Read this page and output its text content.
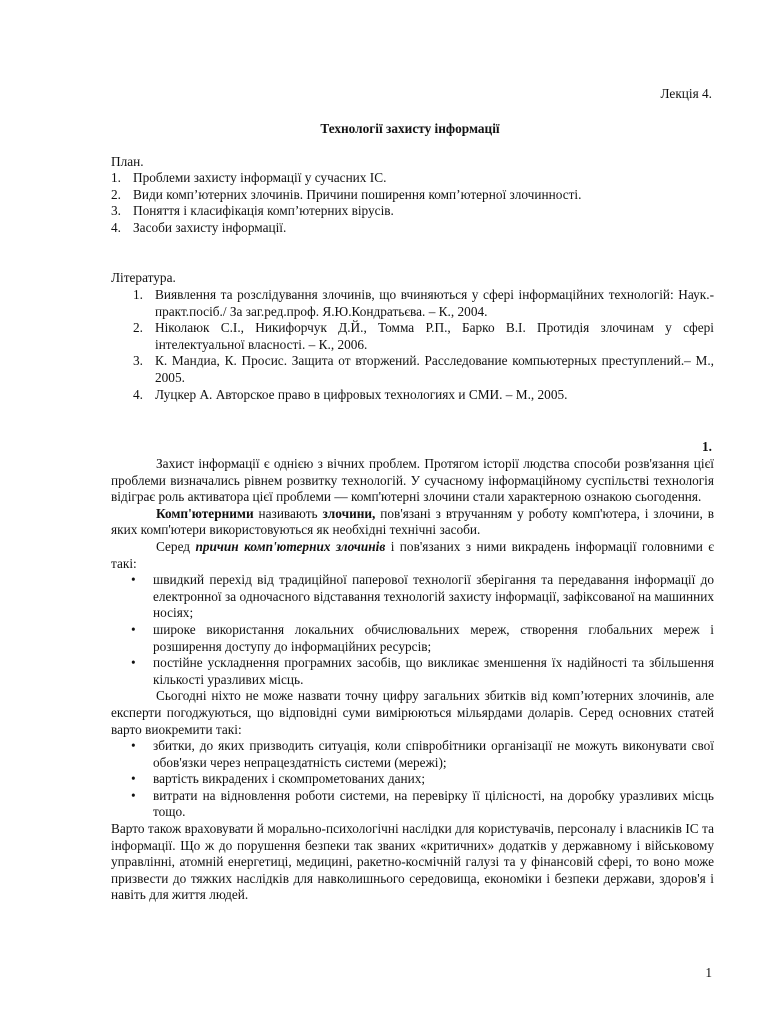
Лекція 4.
Технології захисту інформації
План.
1. Проблеми захисту інформації у сучасних ІС.
2. Види комп’ютерних злочинів. Причини поширення комп’ютерної злочинності.
3. Поняття і класифікація комп’ютерних вірусів.
4. Засоби захисту інформації.
Література.
1. Виявлення та розслідування злочинів, що вчиняються у сфері інформаційних технологій: Наук.-практ.посіб./ За заг.ред.проф. Я.Ю.Кондратьєва. – К., 2004.
2. Ніколаюк С.І., Никифорчук Д.Й., Томма Р.П., Барко В.І. Протидія злочинам у сфері інтелектуальної власності. – К., 2006.
3. К. Мандиа, К. Просис. Защита от вторжений. Расследование компьютерных преступлений.– М., 2005.
4. Луцкер А. Авторское право в цифровых технологиях и СМИ. – М., 2005.
1.

Захист інформації є однією з вічних проблем. Протягом історії людства способи розв'язання цієї проблеми визначались рівнем розвитку технологій. У сучасному інформаційному суспільстві технологія відіграє роль активатора цієї проблеми — комп'ютерні злочини стали характерною ознакою сьогодення.

Комп'ютерними називають злочини, пов'язані з втручанням у роботу комп'ютера, і злочини, в яких комп'ютери використовуються як необхідні технічні засоби.

Серед причин комп'ютерних злочинів і пов'язаних з ними викрадень інформації головними є такі:

•	швидкий перехід від традиційної паперової технології зберігання та передавання інформації до електронної за одночасного відставання технологій захисту інформації, зафіксованої на машинних носіях;
•	широке використання локальних обчислювальних мереж, створення глобальних мереж і розширення доступу до інформаційних ресурсів;
•	постійне ускладнення програмних засобів, що викликає зменшення їх надійності та збільшення кількості уразливих місць.

Сьогодні ніхто не може назвати точну цифру загальних збитків від комп’ютерних злочинів, але експерти погоджуються, що відповідні суми вимірюються мільярдами доларів. Серед основних статей варто виокремити такі:

•	збитки, до яких призводить ситуація, коли співробітники організації не можуть виконувати свої обов'язки через непрацездатність системи (мережі);
•	вартість викрадених і скомпрометованих даних;
•	витрати на відновлення роботи системи, на перевірку її цілісності, на доробку уразливих місць тощо.

Варто також враховувати й морально-психологічні наслідки для користувачів, персоналу і власників ІС та інформації. Що ж до порушення безпеки так званих «критичних» додатків у державному і військовому управлінні, атомній енергетиці, медицині, ракетно-космічній галузі та у фінансовій сфері, то воно може призвести до тяжких наслідків для навколишнього середовища, економіки і безпеки держави, здоров'я і навіть для життя людей.

1
